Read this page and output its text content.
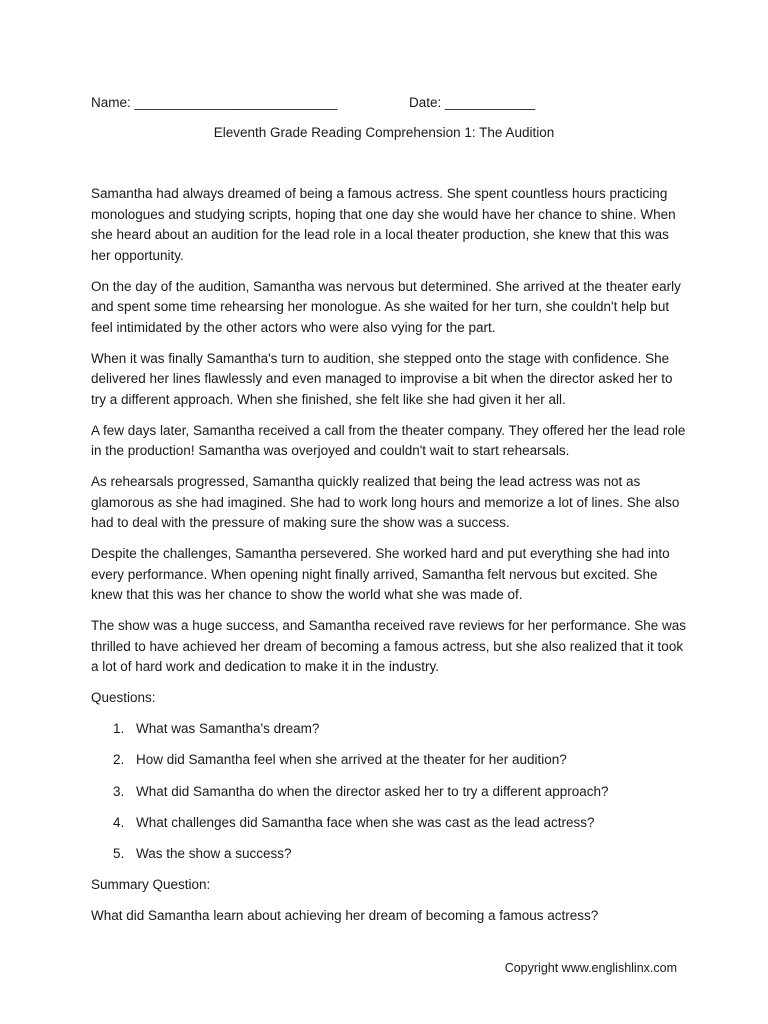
Name: ___________________________	Date: ____________
Eleventh Grade Reading Comprehension 1: The Audition

Samantha had always dreamed of being a famous actress. She spent countless hours practicing monologues and studying scripts, hoping that one day she would have her chance to shine. When she heard about an audition for the lead role in a local theater production, she knew that this was her opportunity.

On the day of the audition, Samantha was nervous but determined. She arrived at the theater early and spent some time rehearsing her monologue. As she waited for her turn, she couldn't help but feel intimidated by the other actors who were also vying for the part.

When it was finally Samantha's turn to audition, she stepped onto the stage with confidence. She delivered her lines flawlessly and even managed to improvise a bit when the director asked her to try a different approach. When she finished, she felt like she had given it her all.

A few days later, Samantha received a call from the theater company. They offered her the lead role in the production! Samantha was overjoyed and couldn't wait to start rehearsals.

As rehearsals progressed, Samantha quickly realized that being the lead actress was not as glamorous as she had imagined. She had to work long hours and memorize a lot of lines. She also had to deal with the pressure of making sure the show was a success.

Despite the challenges, Samantha persevered. She worked hard and put everything she had into every performance. When opening night finally arrived, Samantha felt nervous but excited. She knew that this was her chance to show the world what she was made of.

The show was a huge success, and Samantha received rave reviews for her performance. She was thrilled to have achieved her dream of becoming a famous actress, but she also realized that it took a lot of hard work and dedication to make it in the industry.

Questions:

1. What was Samantha's dream?
2. How did Samantha feel when she arrived at the theater for her audition?
3. What did Samantha do when the director asked her to try a different approach?
4. What challenges did Samantha face when she was cast as the lead actress?
5. Was the show a success?

Summary Question:

What did Samantha learn about achieving her dream of becoming a famous actress?

Copyright www.englishlinx.com
